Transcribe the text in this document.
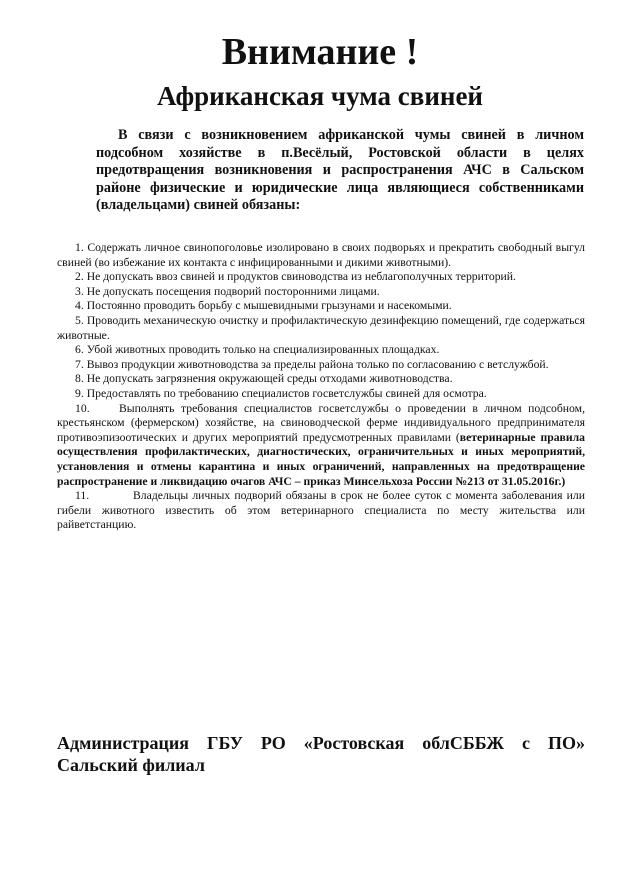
Внимание !
Африканская чума свиней
В связи с возникновением африканской чумы свиней в личном подсобном хозяйстве в п.Весёлый, Ростовской области в целях предотвращения возникновения и распространения АЧС в Сальском районе физические и юридические лица являющиеся собственниками (владельцами) свиней обязаны:

1. Содержать личное свинопоголовье изолировано в своих подворьях и прекратить свободный выгул свиней (во избежание их контакта с инфицированными и дикими животными).

2. Не допускать ввоз свиней и продуктов свиноводства из неблагополучных территорий.

3. Не допускать посещения подворий посторонними лицами.

4. Постоянно проводить борьбу с мышевидными грызунами и насекомыми.

5. Проводить механическую очистку и профилактическую дезинфекцию помещений, где содержаться животные.

6. Убой животных проводить только на специализированных площадках.

7. Вывоз продукции животноводства за пределы района только по согласованию с ветслужбой.

8. Не допускать загрязнения окружающей среды отходами животноводства.

9. Предоставлять по требованию специалистов госветслужбы свиней для осмотра.

10.	Выполнять требования специалистов госветслужбы о проведении в личном подсобном, крестьянском (фермерском) хозяйстве, на свиноводческой ферме индивидуального предпринимателя противоэпизоотических и других мероприятий предусмотренных правилами (ветеринарные правила осуществления профилактических, диагностических, ограничительных и иных мероприятий, установления и отмены карантина и иных ограничений, направленных на предотвращение распространение и ликвидацию очагов АЧС – приказ Минсельхоза России №213 от 31.05.2016г.)

11.	Владельцы личных подворий обязаны в срок не более суток с момента заболевания или гибели животного известить об этом ветеринарного специалиста по месту жительства или райветстанцию.

Администрация ГБУ РО «Ростовская облСББЖ с ПО»
Сальский филиал
